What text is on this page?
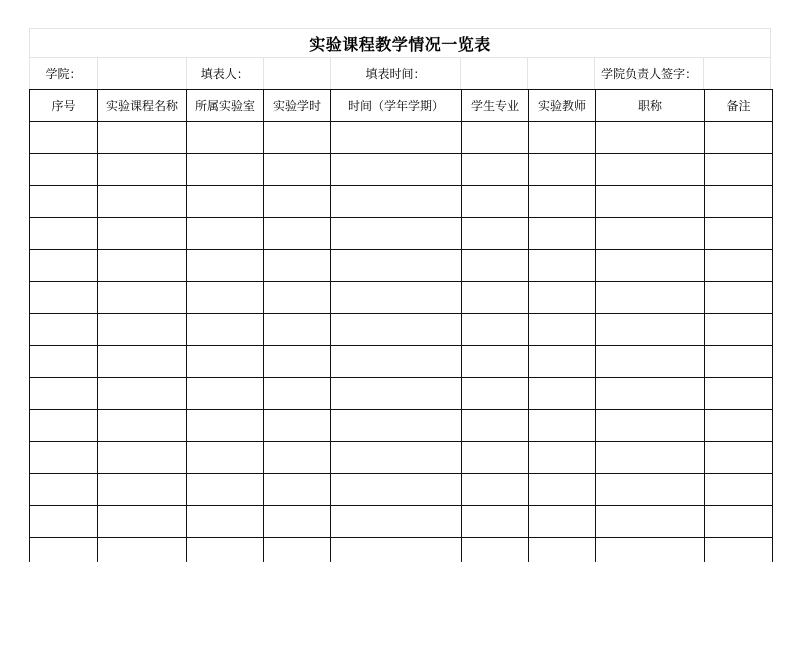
实验课程教学情况一览表
学院：	填表人：	填表时间：	学院负责人签字：
序号	实验课程名称	所属实验室	实验学时	时间（学年学期）	学生专业	实验教师	职称	备注
